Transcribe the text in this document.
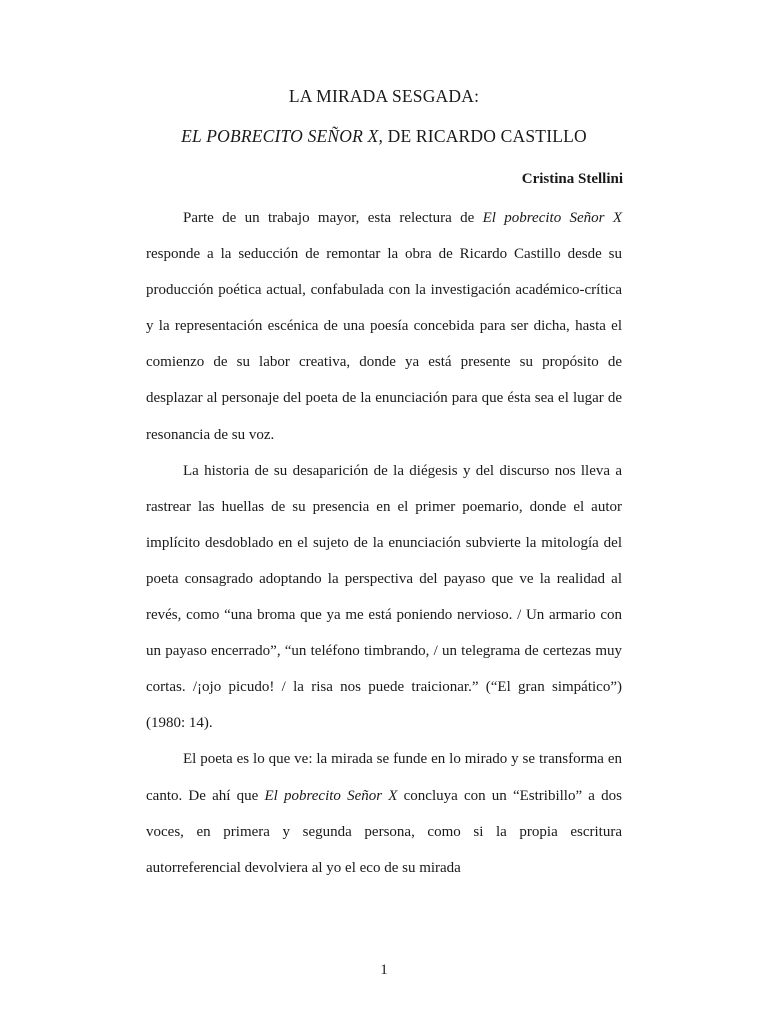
LA MIRADA SESGADA:
EL POBRECITO SEÑOR X, DE RICARDO CASTILLO
Cristina Stellini

Parte de un trabajo mayor, esta relectura de El pobrecito Señor X responde a la seducción de remontar la obra de Ricardo Castillo desde su producción poética actual, confabulada con la investigación académico-crítica y la representación escénica de una poesía concebida para ser dicha, hasta el comienzo de su labor creativa, donde ya está presente su propósito de desplazar al personaje del poeta de la enunciación para que ésta sea el lugar de resonancia de su voz.

La historia de su desaparición de la diégesis y del discurso nos lleva a rastrear las huellas de su presencia en el primer poemario, donde el autor implícito desdoblado en el sujeto de la enunciación subvierte la mitología del poeta consagrado adoptando la perspectiva del payaso que ve la realidad al revés, como “una broma que ya me está poniendo nervioso. / Un armario con un payaso encerrado”, “un teléfono timbrando, / un telegrama de certezas muy cortas. /¡ojo picudo! / la risa nos puede traicionar.” (“El gran simpático”)(1980: 14).

El poeta es lo que ve: la mirada se funde en lo mirado y se transforma en canto. De ahí que El pobrecito Señor X concluya con un “Estribillo” a dos voces, en primera y segunda persona, como si la propia escritura autorreferencial devolviera al yo el eco de su mirada

1
